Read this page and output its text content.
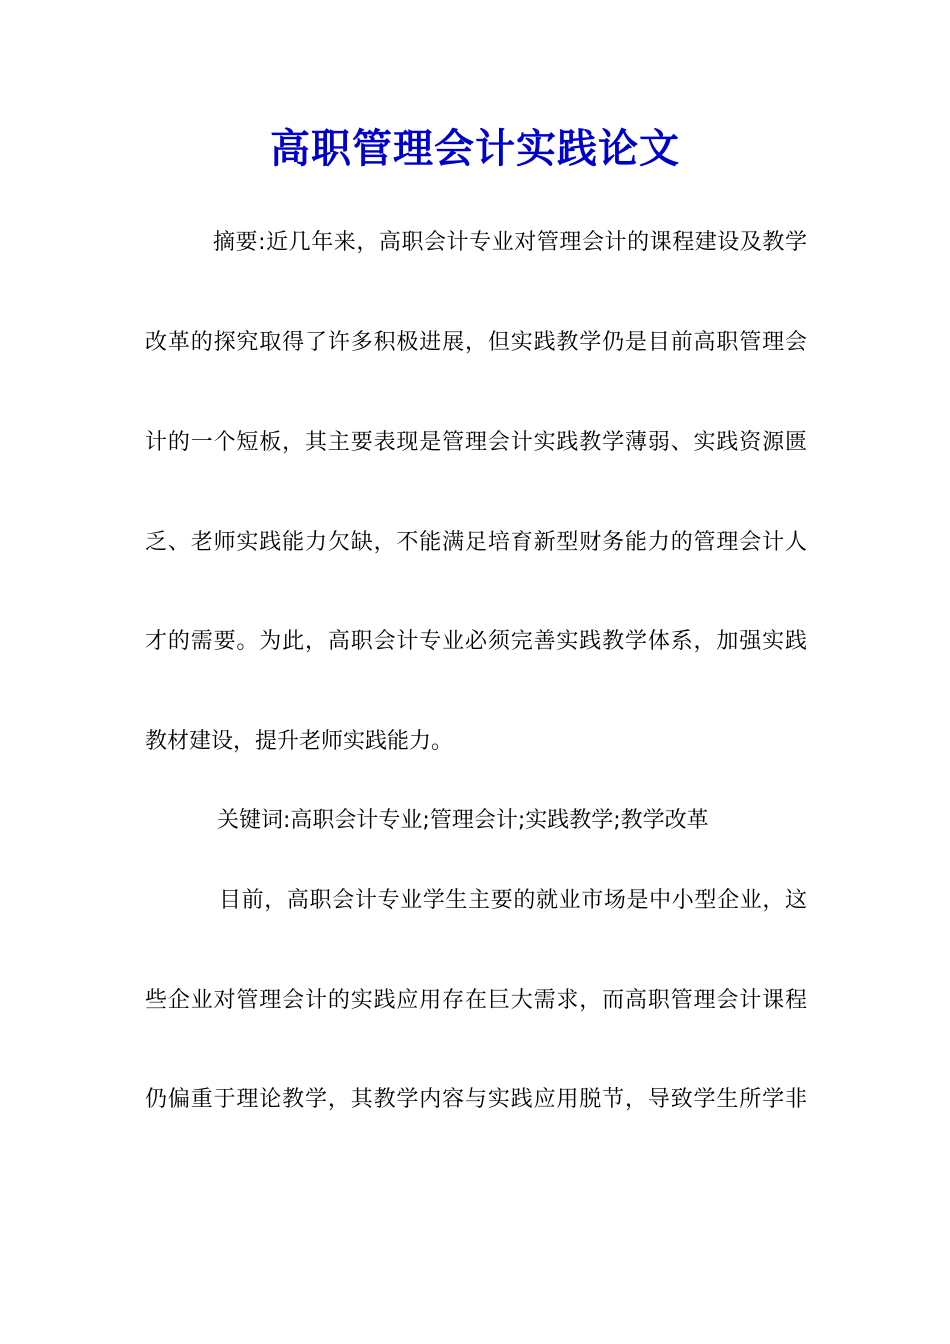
高职管理会计实践论文
摘要:近几年来，高职会计专业对管理会计的课程建设及教学
改革的探究取得了许多积极进展，但实践教学仍是目前高职管理会
计的一个短板，其主要表现是管理会计实践教学薄弱、实践资源匮
乏、老师实践能力欠缺，不能满足培育新型财务能力的管理会计人
才的需要。为此，高职会计专业必须完善实践教学体系，加强实践
教材建设，提升老师实践能力。
关键词:高职会计专业;管理会计;实践教学;教学改革
目前，高职会计专业学生主要的就业市场是中小型企业，这
些企业对管理会计的实践应用存在巨大需求，而高职管理会计课程
仍偏重于理论教学，其教学内容与实践应用脱节，导致学生所学非
